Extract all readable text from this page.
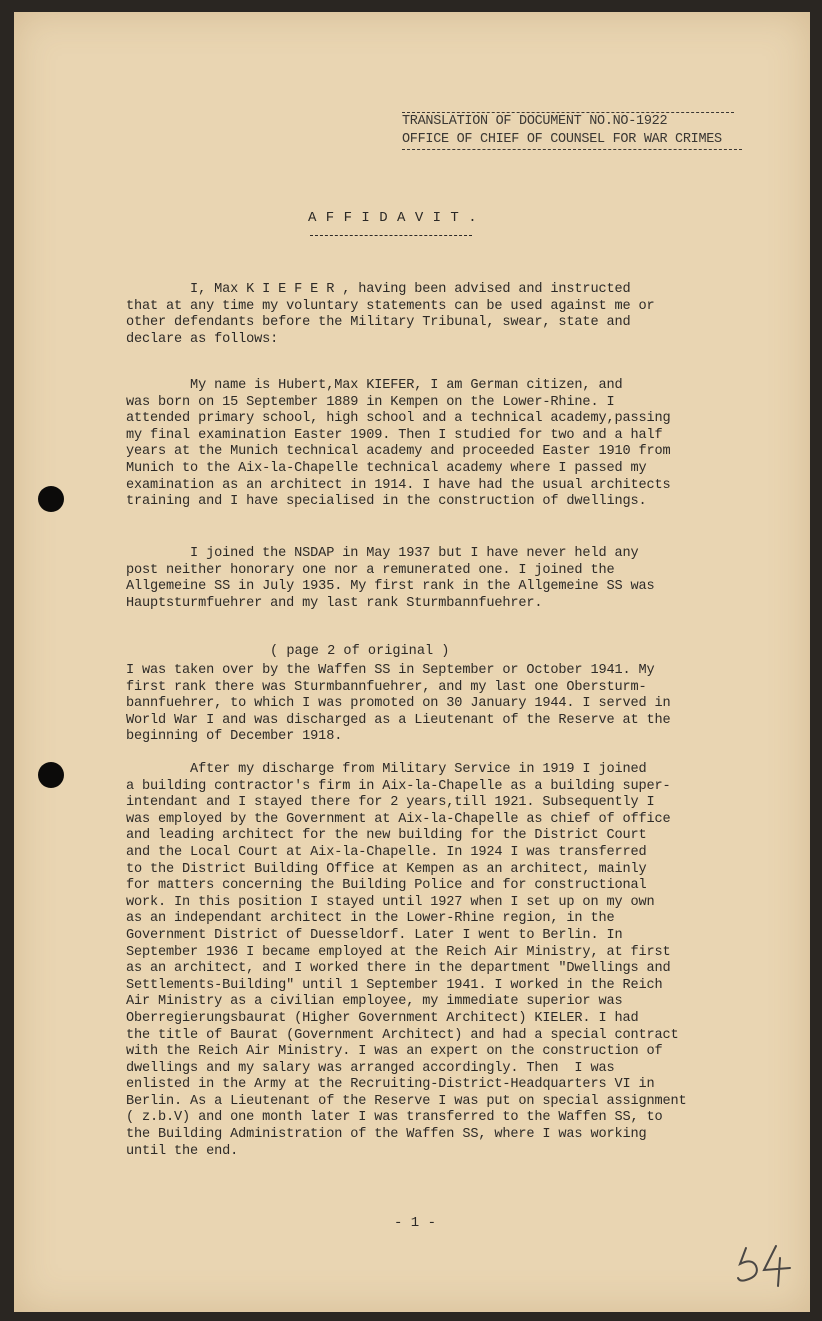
TRANSLATION OF DOCUMENT NO.NO-1922
OFFICE OF CHIEF OF COUNSEL FOR WAR CRIMES
A F F I D A V I T .
I, Max K I E F E R , having been advised and instructed
that at any time my voluntary statements can be used against me or
other defendants before the Military Tribunal, swear, state and
declare as follows:
My name is Hubert,Max KIEFER, I am German citizen, and
was born on 15 September 1889 in Kempen on the Lower-Rhine. I
attended primary school, high school and a technical academy,passing
my final examination Easter 1909. Then I studied for two and a half
years at the Munich technical academy and proceeded Easter 1910 from
Munich to the Aix-la-Chapelle technical academy where I passed my
examination as an architect in 1914. I have had the usual architects
training and I have specialised in the construction of dwellings.
I joined the NSDAP in May 1937 but I have never held any
post neither honorary one nor a remunerated one. I joined the
Allgemeine SS in July 1935. My first rank in the Allgemeine SS was
Hauptsturmfuehrer and my last rank Sturmbannfuehrer.
( page 2 of original )
I was taken over by the Waffen SS in September or October 1941. My
first rank there was Sturmbannfuehrer, and my last one Obersturm-
bannfuehrer, to which I was promoted on 30 January 1944. I served in
World War I and was discharged as a Lieutenant of the Reserve at the
beginning of December 1918.
After my discharge from Military Service in 1919 I joined
a building contractor's firm in Aix-la-Chapelle as a building super-
intendant and I stayed there for 2 years,till 1921. Subsequently I
was employed by the Government at Aix-la-Chapelle as chief of office
and leading architect for the new building for the District Court
and the Local Court at Aix-la-Chapelle. In 1924 I was transferred
to the District Building Office at Kempen as an architect, mainly
for matters concerning the Building Police and for constructional
work. In this position I stayed until 1927 when I set up on my own
as an independant architect in the Lower-Rhine region, in the
Government District of Duesseldorf. Later I went to Berlin. In
September 1936 I became employed at the Reich Air Ministry, at first
as an architect, and I worked there in the department "Dwellings and
Settlements-Building" until 1 September 1941. I worked in the Reich
Air Ministry as a civilian employee, my immediate superior was
Oberregierungsbaurat (Higher Government Architect) KIELER. I had
the title of Baurat (Government Architect) and had a special contract
with the Reich Air Ministry. I was an expert on the construction of
dwellings and my salary was arranged accordingly. Then  I was
enlisted in the Army at the Recruiting-District-Headquarters VI in
Berlin. As a Lieutenant of the Reserve I was put on special assignment
( z.b.V) and one month later I was transferred to the Waffen SS, to
the Building Administration of the Waffen SS, where I was working
until the end.
- 1 -
